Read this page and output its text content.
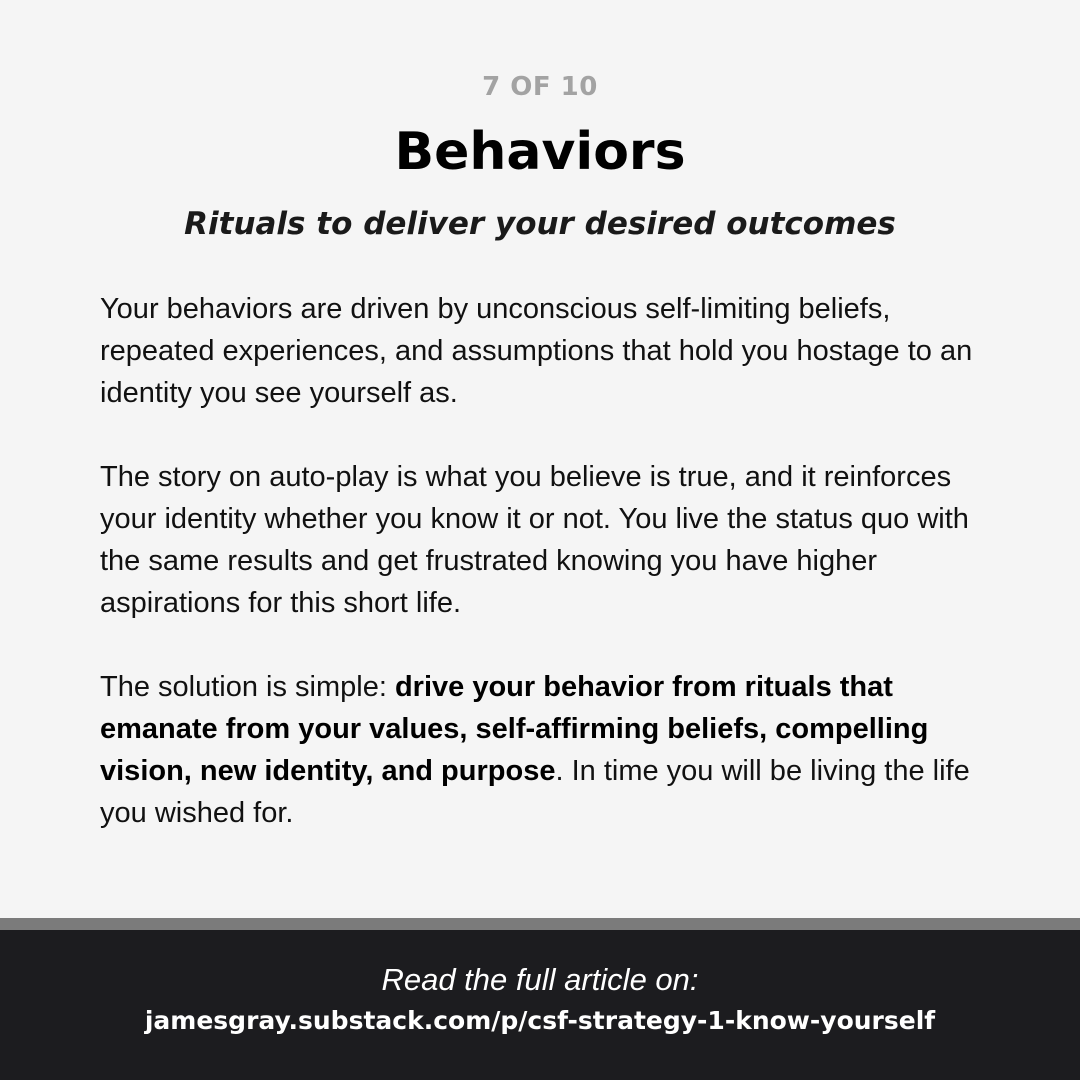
7 OF 10
Behaviors
Rituals to deliver your desired outcomes

Your behaviors are driven by unconscious self-limiting beliefs, repeated experiences, and assumptions that hold you hostage to an identity you see yourself as.

The story on auto-play is what you believe is true, and it reinforces your identity whether you know it or not. You live the status quo with the same results and get frustrated knowing you have higher aspirations for this short life.

The solution is simple: drive your behavior from rituals that emanate from your values, self-affirming beliefs, compelling vision, new identity, and purpose. In time you will be living the life you wished for.

Read the full article on:
jamesgray.substack.com/p/csf-strategy-1-know-yourself
